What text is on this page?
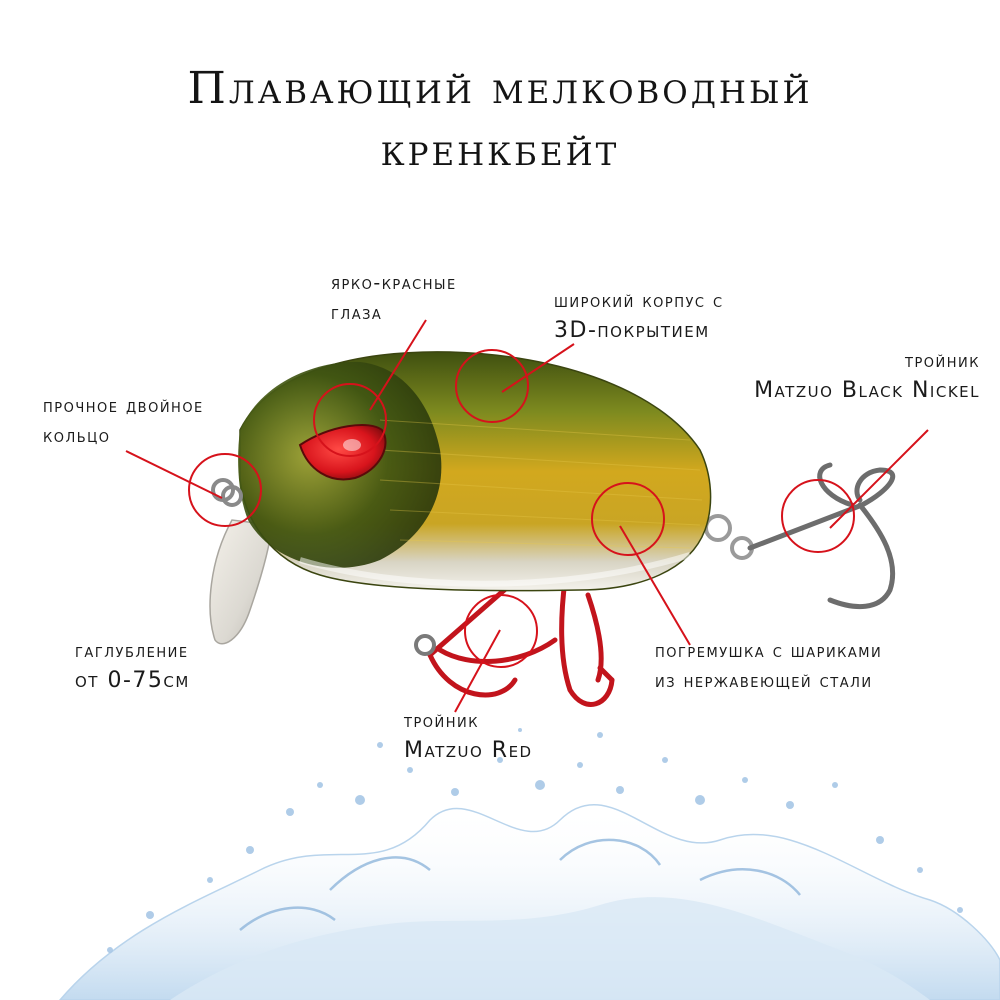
Плавающий мелководный
кренкбейт
ярко-красные
глаза
широкий корпус с
3D-покрытием
тройник
Matzuo Black Nickel
прочное двойное
кольцо
гаглубление
от 0-75см
погремушка с шариками
из нержавеющей стали
тройник
Matzuo Red
